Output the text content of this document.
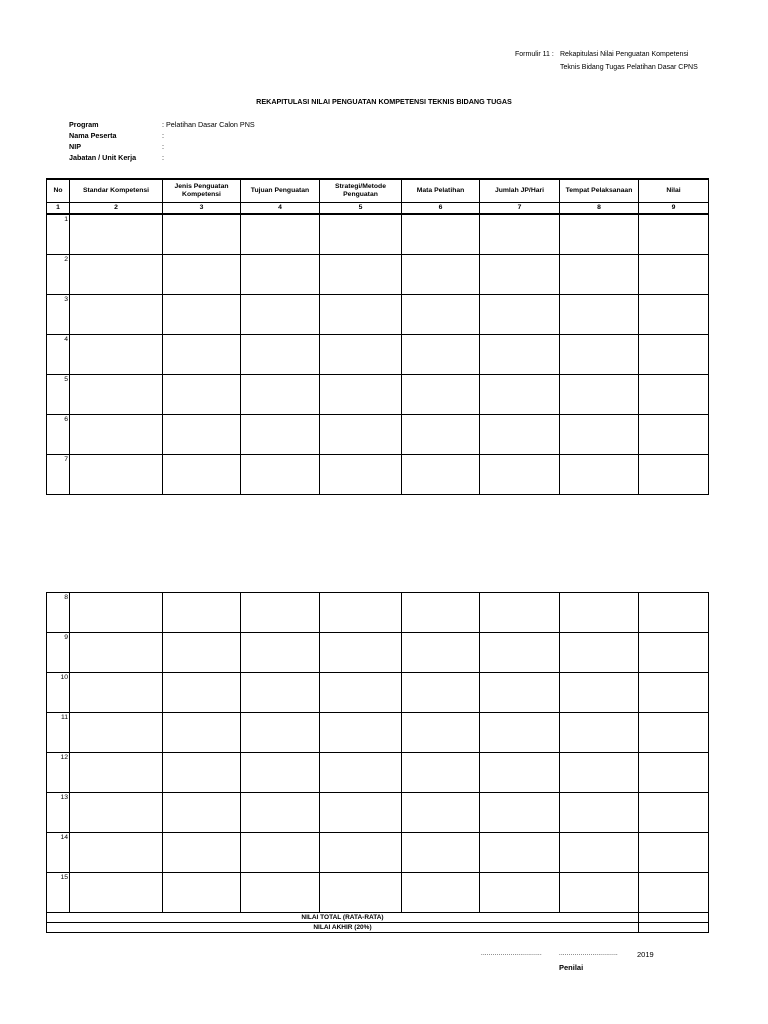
Formulir 11 : Rekapitulasi Nilai Penguatan Kompetensi
Teknis Bidang Tugas Pelatihan Dasar CPNS
REKAPITULASI NILAI PENGUATAN KOMPETENSI TEKNIS BIDANG TUGAS
Program	: Pelatihan Dasar Calon PNS
Nama Peserta	:
NIP	:
Jabatan / Unit Kerja	:
No	Standar Kompetensi	Jenis Penguatan Kompetensi	Tujuan Penguatan	Strategi/Metode Penguatan	Mata Pelatihan	Jumlah JP/Hari	Tempat Pelaksanaan	Nilai
1	2	3	4	5	6	7	8	9
1								
2								
3								
4								
5								
6								
7								
8								
9								
10								
11								
12								
13								
14								
15								
NILAI TOTAL (RATA-RATA)								
NILAI AKHIR (20%)								
...............................	..............................	2019
Penilai
